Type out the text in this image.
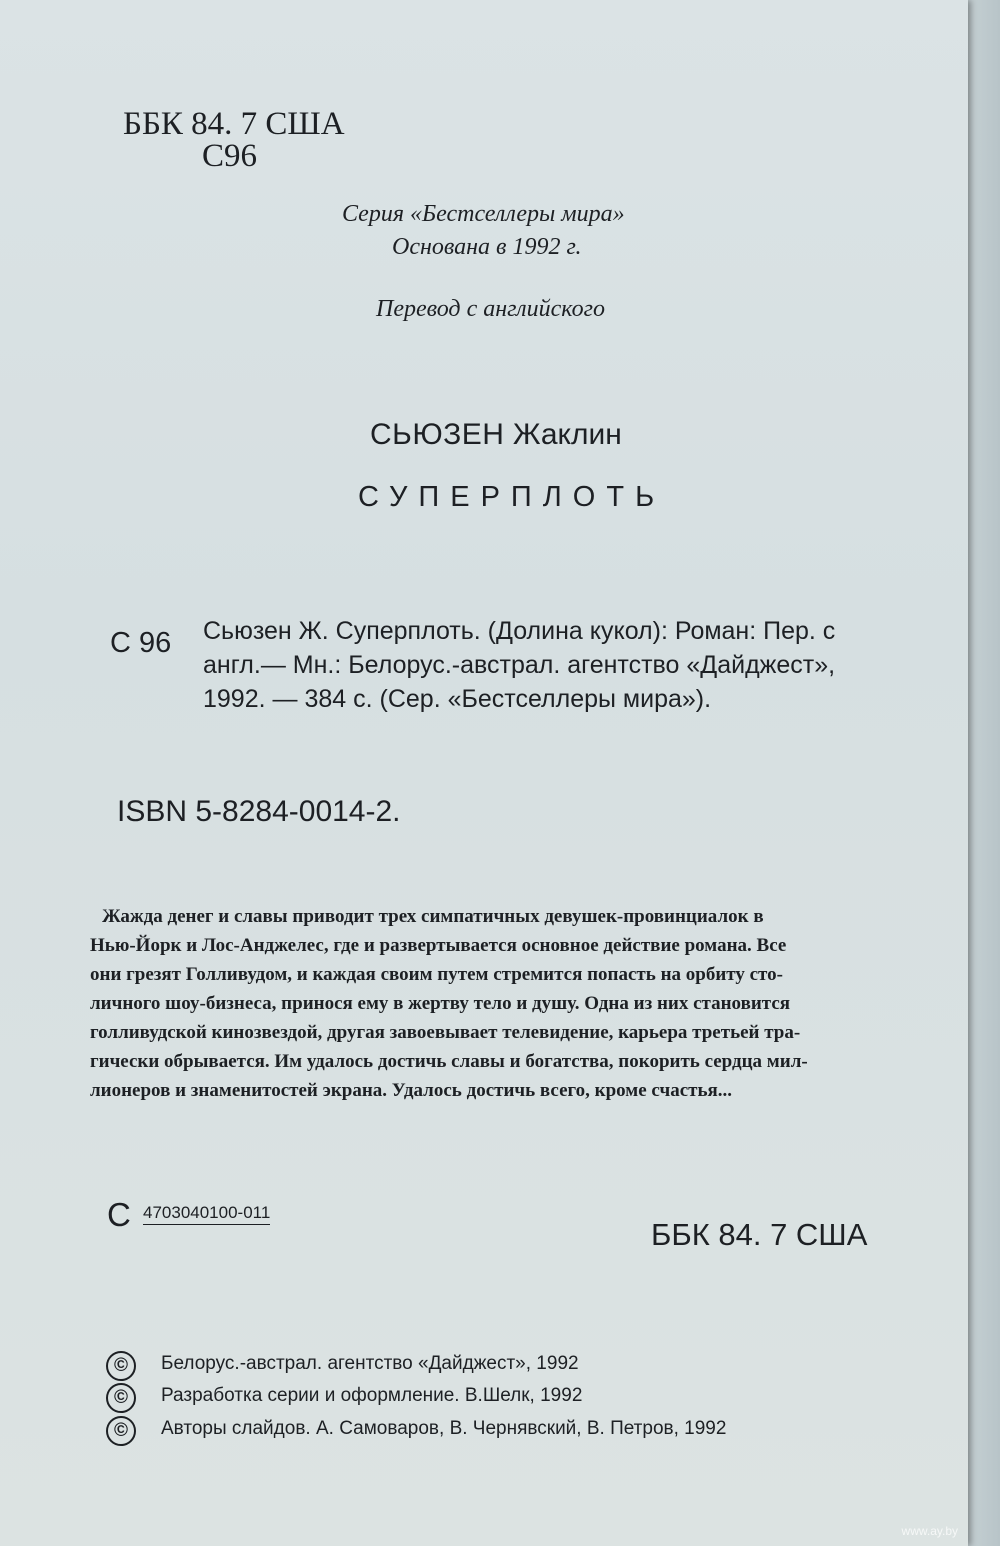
ББК 84. 7 США

С96

Серия «Бестселлеры мира»

Основана в 1992 г.

Перевод с английского

СЬЮЗЕН Жаклин

СУПЕРПЛОТЬ

С 96 Сьюзен Ж. Суперплоть. (Долина кукол): Роман: Пер. с
англ.— Мн.: Белорус.-австрал. агентство «Дайджест»,
1992. — 384 с. (Сер. «Бестселлеры мира»).

ISBN 5-8284-0014-2.

Жажда денег и славы приводит трех симпатичных девушек-провинциалок в
Нью-Йорк и Лос-Анджелес, где и развертывается основное действие романа. Все
они грезят Голливудом, и каждая своим путем стремится попасть на орбиту сто-
личного шоу-бизнеса, принося ему в жертву тело и душу. Одна из них становится
голливудской кинозвездой, другая завоевывает телевидение, карьера третьей тра-
гически обрывается. Им удалось достичь славы и богатства, покорить сердца мил-
лионеров и знаменитостей экрана. Удалось достичь всего, кроме счастья...

С 4703040100-011

ББК 84. 7 США

©	Белорус.-австрал. агентство «Дайджест», 1992
©	Разработка серии и оформление. В.Шелк, 1992
©	Авторы слайдов. А. Самоваров, В. Чернявский, В. Петров, 1992
www.ay.by
